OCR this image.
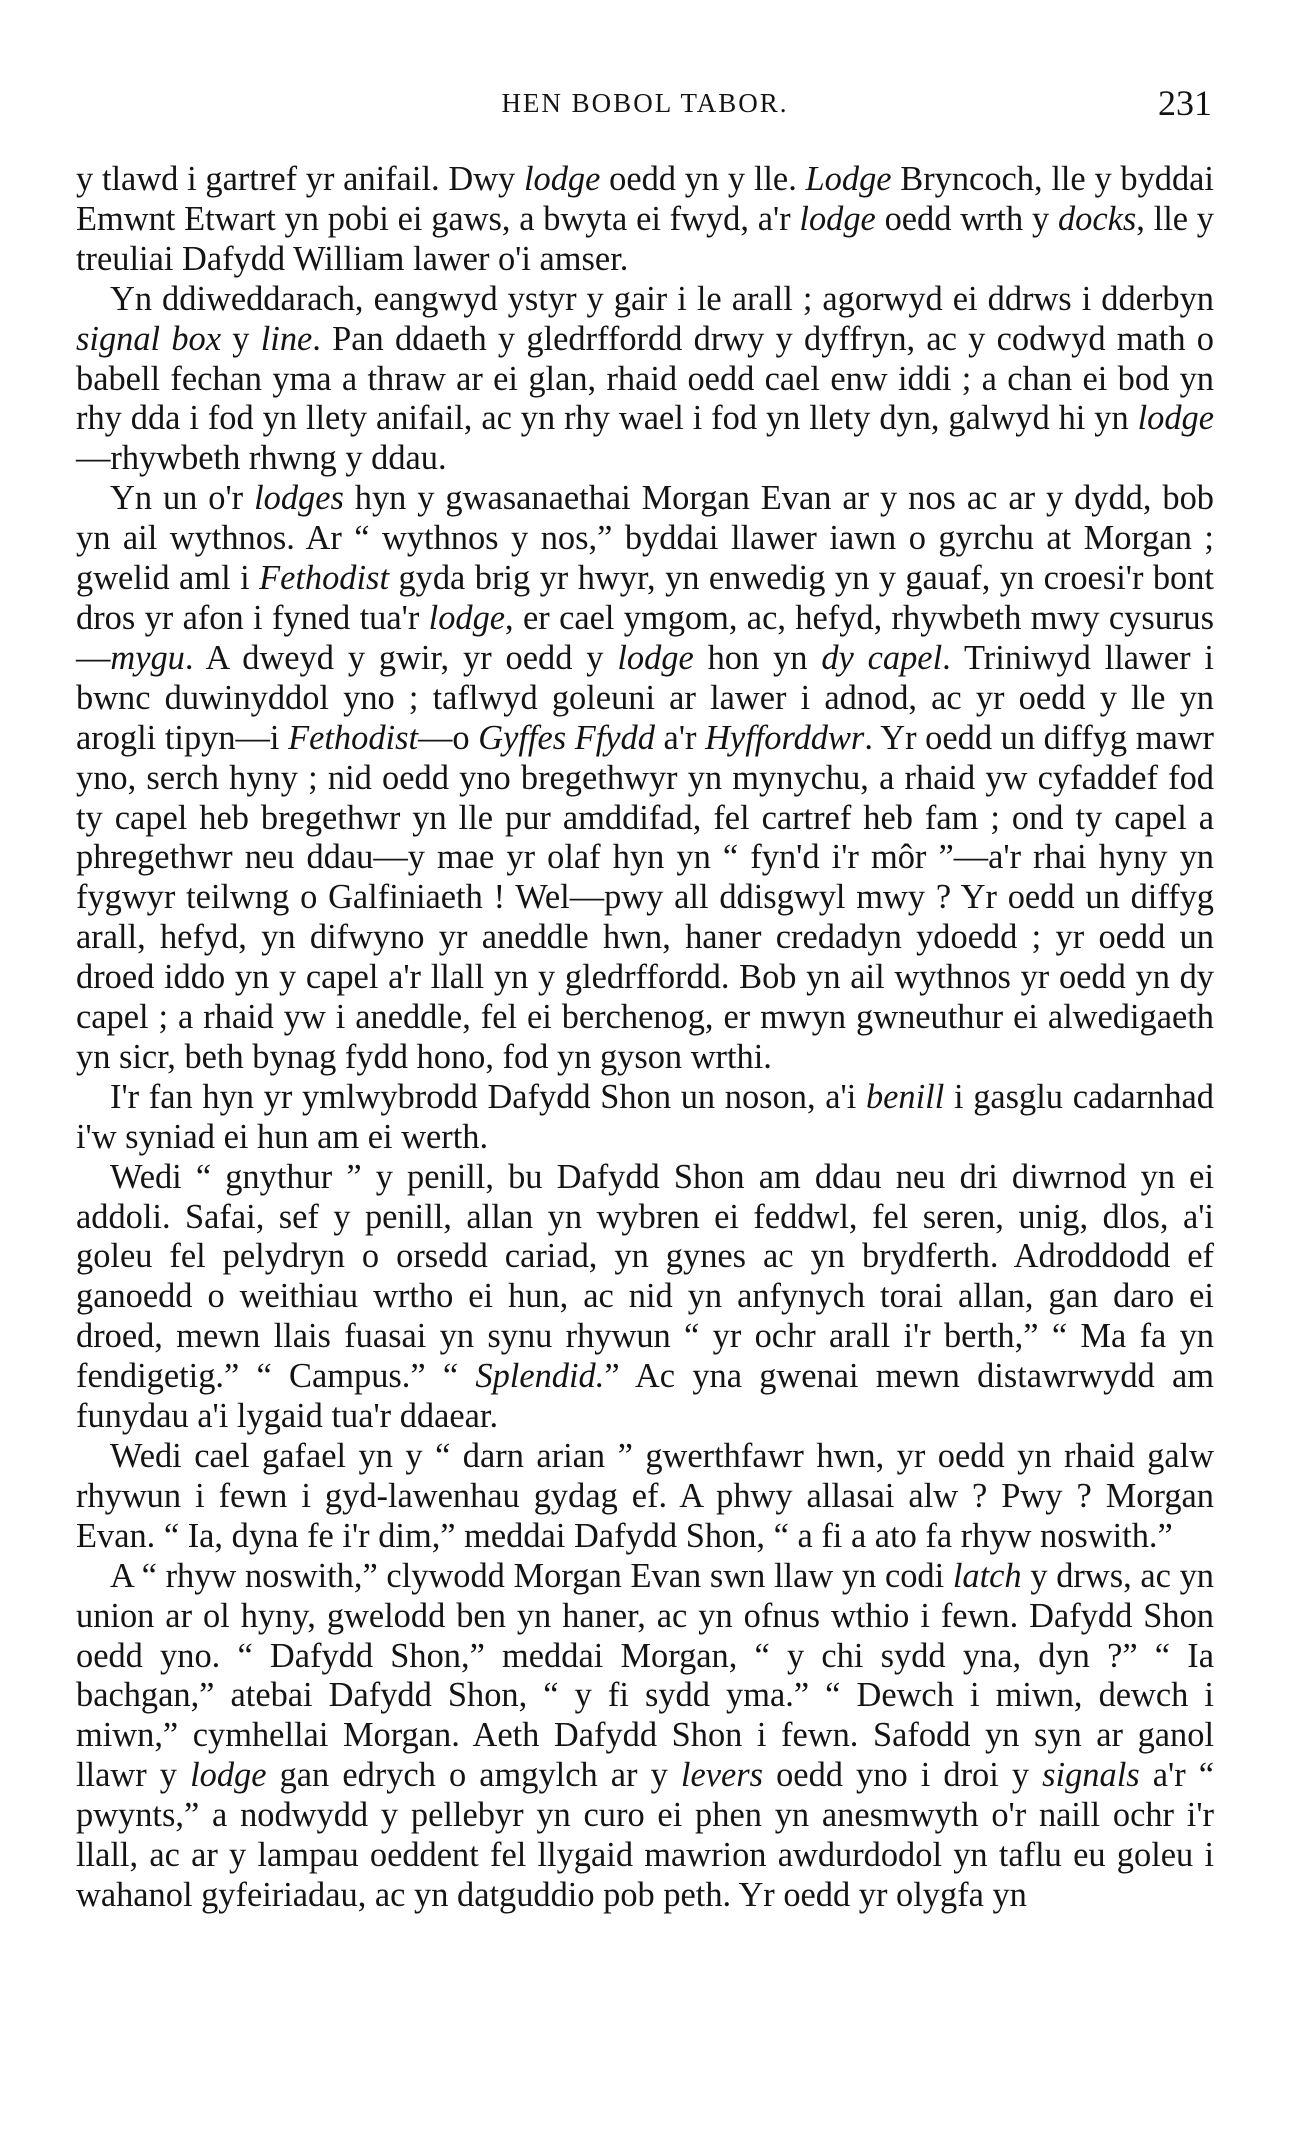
HEN BOBOL TABOR.	231

y tlawd i gartref yr anifail. Dwy lodge oedd yn y lle. Lodge Bryncoch, lle y byddai Emwnt Etwart yn pobi ei gaws, a bwyta ei fwyd, a'r lodge oedd wrth y docks, lle y treuliai Dafydd William lawer o'i amser.

Yn ddiweddarach, eangwyd ystyr y gair i le arall ; agorwyd ei ddrws i dderbyn signal box y line. Pan ddaeth y gledrffordd drwy y dyffryn, ac y codwyd math o babell fechan yma a thraw ar ei glan, rhaid oedd cael enw iddi ; a chan ei bod yn rhy dda i fod yn llety anifail, ac yn rhy wael i fod yn llety dyn, galwyd hi yn lodge—rhywbeth rhwng y ddau.

Yn un o'r lodges hyn y gwasanaethai Morgan Evan ar y nos ac ar y dydd, bob yn ail wythnos. Ar “ wythnos y nos,” byddai llawer iawn o gyrchu at Morgan ; gwelid aml i Fethodist gyda brig yr hwyr, yn enwedig yn y gauaf, yn croesi'r bont dros yr afon i fyned tua'r lodge, er cael ymgom, ac, hefyd, rhywbeth mwy cysurus—mygu. A dweyd y gwir, yr oedd y lodge hon yn dy capel. Triniwyd llawer i bwnc duwinyddol yno ; taflwyd goleuni ar lawer i adnod, ac yr oedd y lle yn arogli tipyn—i Fethodist—o Gyffes Ffydd a'r Hyfforddwr. Yr oedd un diffyg mawr yno, serch hyny ; nid oedd yno bregethwyr yn mynychu, a rhaid yw cyfaddef fod ty capel heb bregethwr yn lle pur amddifad, fel cartref heb fam ; ond ty capel a phregethwr neu ddau—y mae yr olaf hyn yn “ fyn'd i'r môr ”—a'r rhai hyny yn fygwyr teilwng o Galfiniaeth ! Wel—pwy all ddisgwyl mwy ? Yr oedd un diffyg arall, hefyd, yn difwyno yr aneddle hwn, haner credadyn ydoedd ; yr oedd un droed iddo yn y capel a'r llall yn y gledrffordd. Bob yn ail wythnos yr oedd yn dy capel ; a rhaid yw i aneddle, fel ei berchenog, er mwyn gwneuthur ei alwedigaeth yn sicr, beth bynag fydd hono, fod yn gyson wrthi.

I'r fan hyn yr ymlwybrodd Dafydd Shon un noson, a'i benill i gasglu cadarnhad i'w syniad ei hun am ei werth.

Wedi “ gnythur ” y penill, bu Dafydd Shon am ddau neu dri diwrnod yn ei addoli. Safai, sef y penill, allan yn wybren ei feddwl, fel seren, unig, dlos, a'i goleu fel pelydryn o orsedd cariad, yn gynes ac yn brydferth. Adroddodd ef ganoedd o weithiau wrtho ei hun, ac nid yn anfynych torai allan, gan daro ei droed, mewn llais fuasai yn synu rhywun “ yr ochr arall i'r berth,” “ Ma fa yn fendigetig.” “ Campus.” “ Splendid.” Ac yna gwenai mewn distawrwydd am funydau a'i lygaid tua'r ddaear.

Wedi cael gafael yn y “ darn arian ” gwerthfawr hwn, yr oedd yn rhaid galw rhywun i fewn i gyd-lawenhau gydag ef. A phwy allasai alw ? Pwy ? Morgan Evan. “ Ia, dyna fe i'r dim,” meddai Dafydd Shon, “ a fi a ato fa rhyw noswith.”

A “ rhyw noswith,” clywodd Morgan Evan swn llaw yn codi latch y drws, ac yn union ar ol hyny, gwelodd ben yn haner, ac yn ofnus wthio i fewn. Dafydd Shon oedd yno. “ Dafydd Shon,” meddai Morgan, “ y chi sydd yna, dyn ?” “ Ia bachgan,” atebai Dafydd Shon, “ y fi sydd yma.” “ Dewch i miwn, dewch i miwn,” cymhellai Morgan. Aeth Dafydd Shon i fewn. Safodd yn syn ar ganol llawr y lodge gan edrych o amgylch ar y levers oedd yno i droi y signals a'r “ pwynts,” a nodwydd y pellebyr yn curo ei phen yn anesmwyth o'r naill ochr i'r llall, ac ar y lampau oeddent fel llygaid mawrion awdurdodol yn taflu eu goleu i wahanol gyfeiriadau, ac yn datguddio pob peth. Yr oedd yr olygfa yn
